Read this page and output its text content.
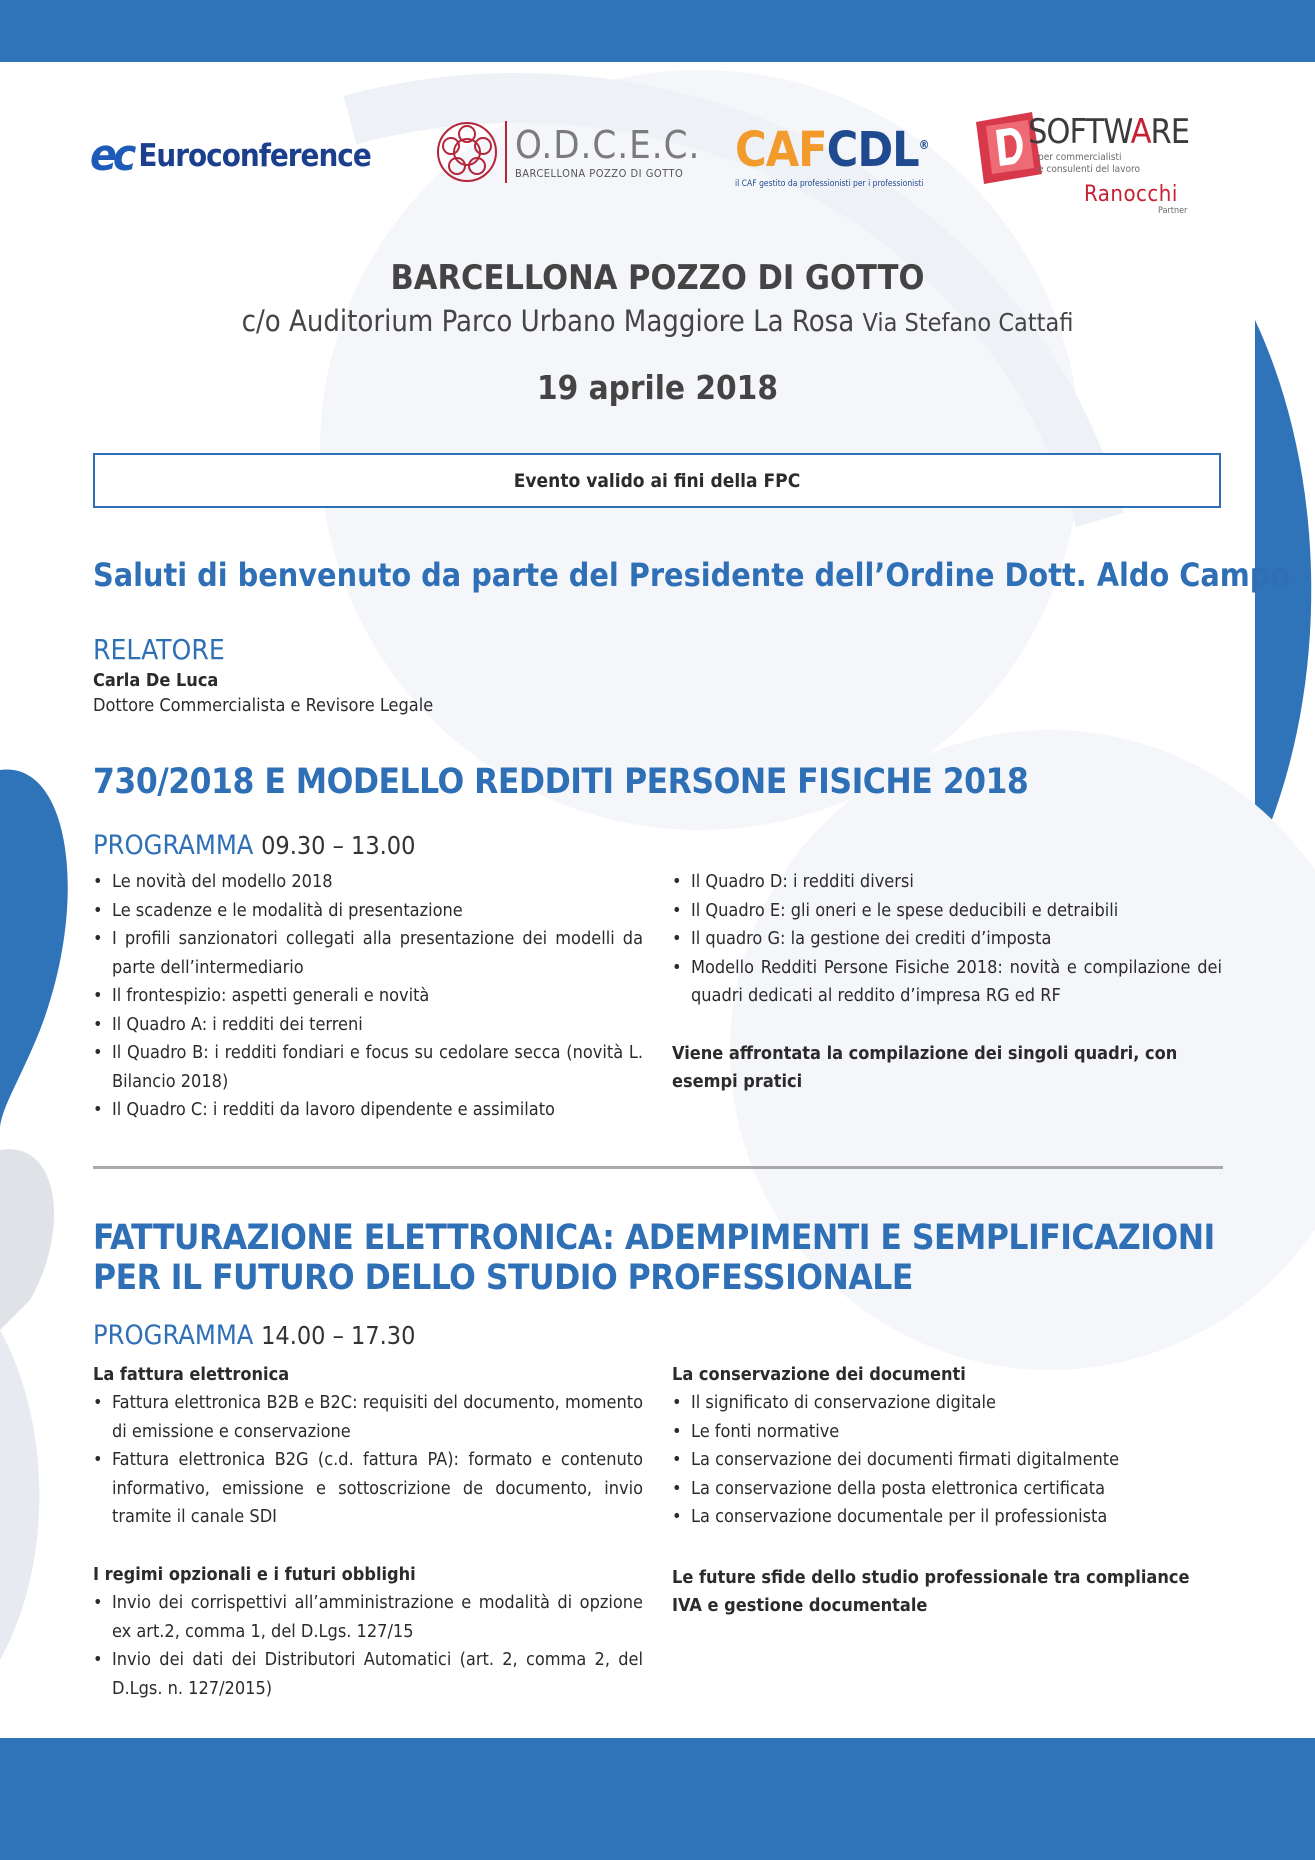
ec Euroconference	O.D.C.E.C.
BARCELLONA POZZO DI GOTTO	CAFCDL®
il CAF gestito da professionisti per i professionisti
SOFTWARE
per commercialisti
e consulenti del lavoro
Ranocchi
Partner
BARCELLONA POZZO DI GOTTO
c/o Auditorium Parco Urbano Maggiore La Rosa Via Stefano Cattafi
19 aprile 2018
Evento valido ai fini della FPC
Saluti di benvenuto da parte del Presidente dell’Ordine Dott. Aldo Campo
RELATORE
Carla De Luca
Dottore Commercialista e Revisore Legale
730/2018 E MODELLO REDDITI PERSONE FISICHE 2018
PROGRAMMA 09.30 – 13.00
• Le novità del modello 2018
• Le scadenze e le modalità di presentazione
• I profili sanzionatori collegati alla presentazione dei modelli da parte dell’intermediario
• Il frontespizio: aspetti generali e novità
• Il Quadro A: i redditi dei terreni
• Il Quadro B: i redditi fondiari e focus su cedolare secca (novità L. Bilancio 2018)
• Il Quadro C: i redditi da lavoro dipendente e assimilato
• Il Quadro D: i redditi diversi
• Il Quadro E: gli oneri e le spese deducibili e detraibili
• Il quadro G: la gestione dei crediti d’imposta
• Modello Redditi Persone Fisiche 2018: novità e compilazione dei quadri dedicati al reddito d’impresa RG ed RF
Viene affrontata la compilazione dei singoli quadri, con esempi pratici
FATTURAZIONE ELETTRONICA: ADEMPIMENTI E SEMPLIFICAZIONI
PER IL FUTURO DELLO STUDIO PROFESSIONALE
PROGRAMMA 14.00 – 17.30
La fattura elettronica
• Fattura elettronica B2B e B2C: requisiti del documento, momento di emissione e conservazione
• Fattura elettronica B2G (c.d. fattura PA): formato e contenuto informativo, emissione e sottoscrizione de documento, invio tramite il canale SDI
I regimi opzionali e i futuri obblighi
• Invio dei corrispettivi all’amministrazione e modalità di opzione ex art.2, comma 1, del D.Lgs. 127/15
• Invio dei dati dei Distributori Automatici (art. 2, comma 2, del D.Lgs. n. 127/2015)
La conservazione dei documenti
• Il significato di conservazione digitale
• Le fonti normative
• La conservazione dei documenti firmati digitalmente
• La conservazione della posta elettronica certificata
• La conservazione documentale per il professionista
Le future sfide dello studio professionale tra compliance IVA e gestione documentale
